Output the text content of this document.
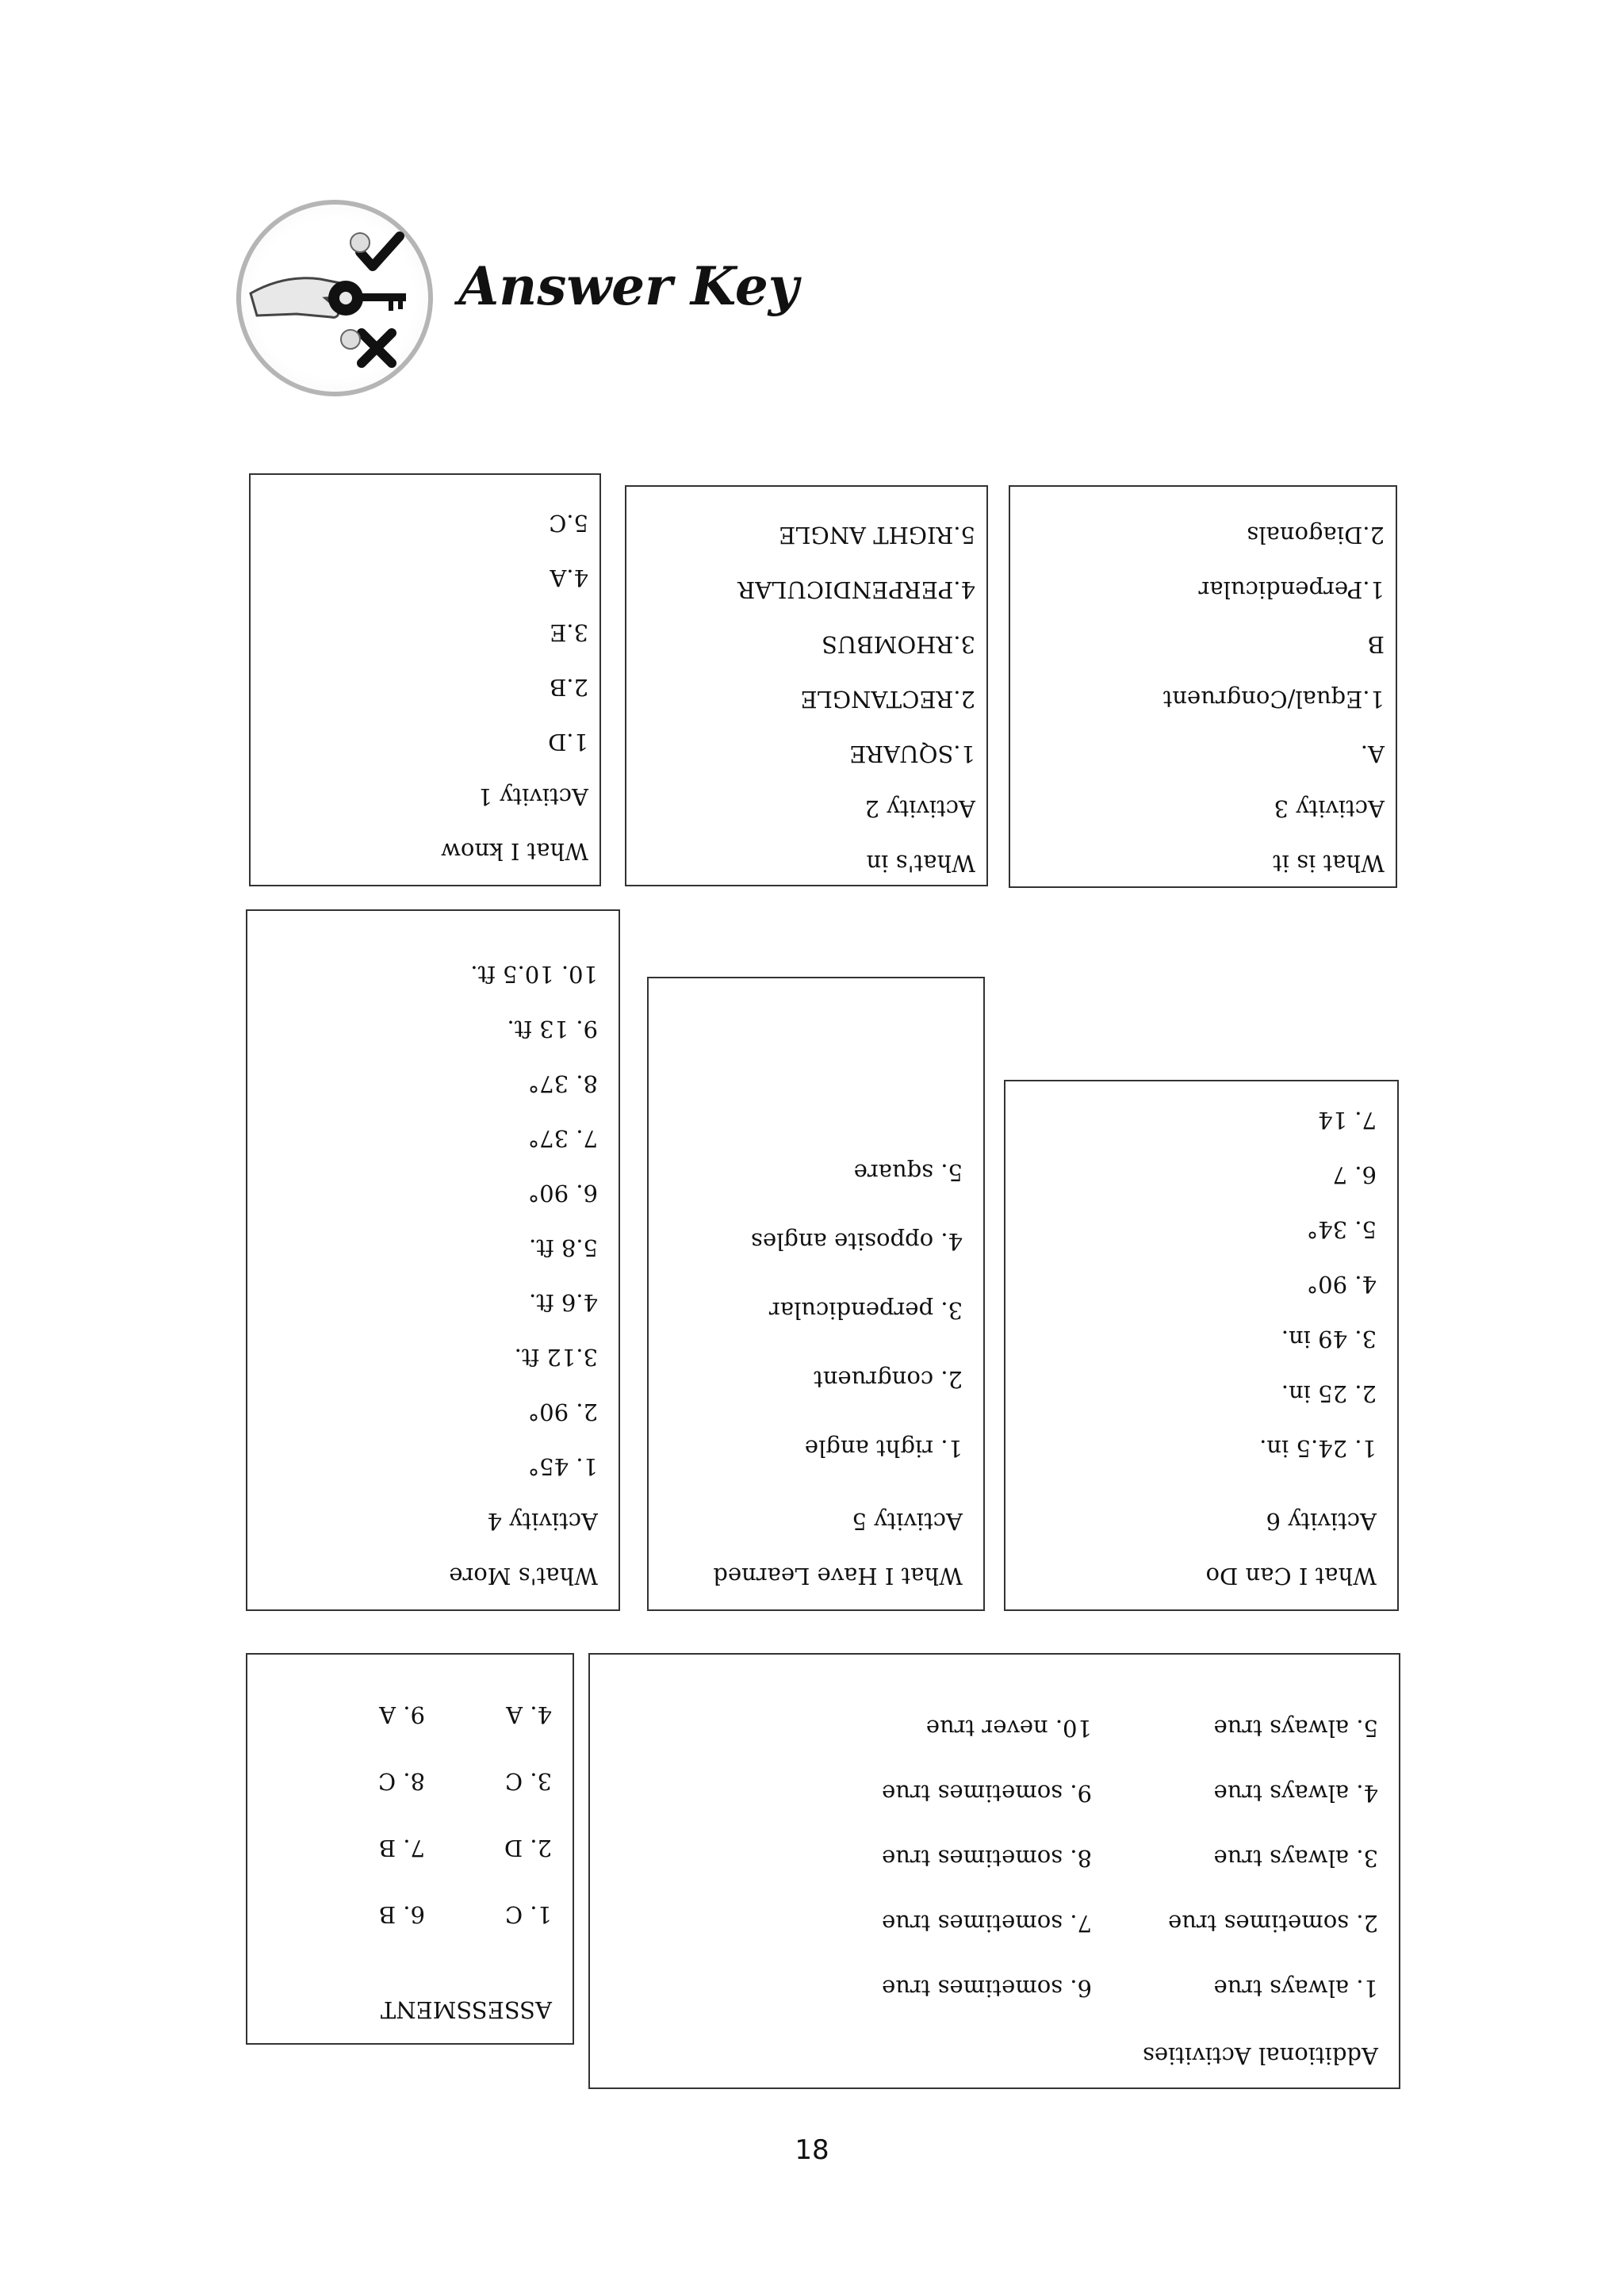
Answer Key
What I know
Activity 1
1.D
2.B
3.E
4.A
5.C
What's in
Activity 2
1.SQUARE
2.RECTANGLE
3.RHOMBUS
4.PERPENDICULAR
5.RIGHT ANGLE
What is it
Activity 3
A.
1.Equal/Congruent
B
1.Perpendicular
2.Diagonals
What's More
Activity 4
1. 45°
2. 90°
3.12 ft.
4.6 ft.
5.8 ft.
6. 90°
7. 37°
8. 37°
9. 13 ft.
10. 10.5 ft.
What I Have Learned
Activity 5
1. right angle
2. congruent
3. perpendicular
4. opposite angles
5. square
What I Can Do
Activity 6
1. 24.5 in.
2. 25 in.
3. 49 in.
4. 90°
5. 34°
6. 7
7. 14
ASSESSMENT
1. C
2. D
3. C
4. A
6. B
7. B
8. C
9. A
Additional Activities
1. always true
2. sometimes true
3. always true
4. always true
5. always true
6. sometimes true
7. sometimes true
8. sometimes true
9. sometimes true
10. never true
18
